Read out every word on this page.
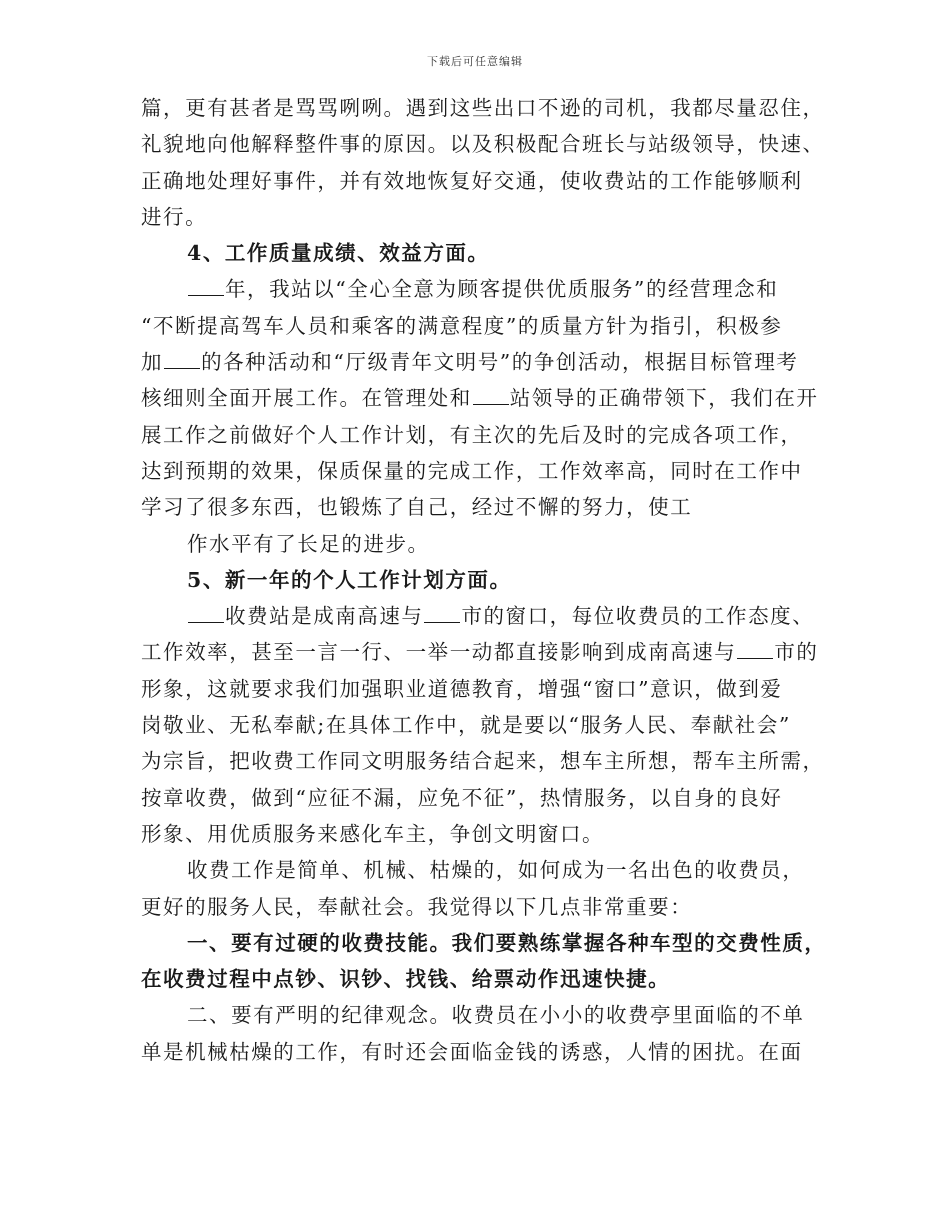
下载后可任意编辑
篇，更有甚者是骂骂咧咧。遇到这些出口不逊的司机，我都尽量忍住，
礼貌地向他解释整件事的原因。以及积极配合班长与站级领导，快速、
正确地处理好事件，并有效地恢复好交通，使收费站的工作能够顺利
进行。
4、工作质量成绩、效益方面。
年，我站以“全心全意为顾客提供优质服务”的经营理念和
“不断提高驾车人员和乘客的满意程度”的质量方针为指引，积极参
加 的各种活动和“厅级青年文明号”的争创活动，根据目标管理考
核细则全面开展工作。在管理处和 站领导的正确带领下，我们在开
展工作之前做好个人工作计划，有主次的先后及时的完成各项工作，
达到预期的效果，保质保量的完成工作，工作效率高，同时在工作中
学习了很多东西，也锻炼了自己，经过不懈的努力，使工
作水平有了长足的进步。
5、新一年的个人工作计划方面。
收费站是成南高速与 市的窗口，每位收费员的工作态度、
工作效率，甚至一言一行、一举一动都直接影响到成南高速与 市的
形象，这就要求我们加强职业道德教育，增强“窗口”意识，做到爱
岗敬业、无私奉献;在具体工作中，就是要以“服务人民、奉献社会”
为宗旨，把收费工作同文明服务结合起来，想车主所想，帮车主所需，
按章收费，做到“应征不漏，应免不征”，热情服务，以自身的良好
形象、用优质服务来感化车主，争创文明窗口。
收费工作是简单、机械、枯燥的，如何成为一名出色的收费员，
更好的服务人民，奉献社会。我觉得以下几点非常重要：
一、要有过硬的收费技能。我们要熟练掌握各种车型的交费性质，
在收费过程中点钞、识钞、找钱、给票动作迅速快捷。
二、要有严明的纪律观念。收费员在小小的收费亭里面临的不单
单是机械枯燥的工作，有时还会面临金钱的诱惑，人情的困扰。在面
